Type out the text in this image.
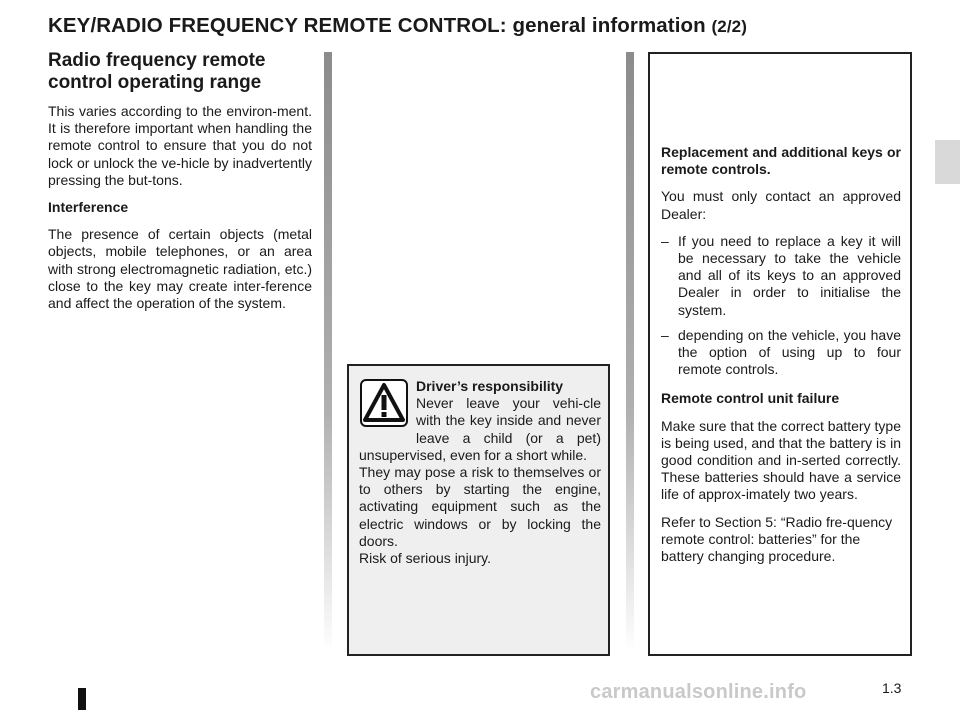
KEY/RADIO FREQUENCY REMOTE CONTROL: general information (2/2)
Radio frequency remote
control operating range

This varies according to the environ-ment. It is therefore important when handling the remote control to ensure that you do not lock or unlock the ve-hicle by inadvertently pressing the but-tons.

Interference

The presence of certain objects (metal objects, mobile telephones, or an area with strong electromagnetic radiation, etc.) close to the key may create inter-ference and affect the operation of the system.

Driver’s responsibility
Never leave your vehi-cle with the key inside and never leave a child (or a pet) unsupervised, even for a short while.
They may pose a risk to themselves or to others by starting the engine, activating equipment such as the electric windows or by locking the doors.
Risk of serious injury.

Replacement and additional keys or remote controls.

You must only contact an approved Dealer:

– If you need to replace a key it will be necessary to take the vehicle and all of its keys to an approved Dealer in order to initialise the system.
– depending on the vehicle, you have the option of using up to four remote controls.

Remote control unit failure

Make sure that the correct battery type is being used, and that the battery is in good condition and in-serted correctly. These batteries should have a service life of approx-imately two years.

Refer to Section 5: “Radio fre-quency remote control: batteries” for the battery changing procedure.

1.3
carmanualsonline.info
